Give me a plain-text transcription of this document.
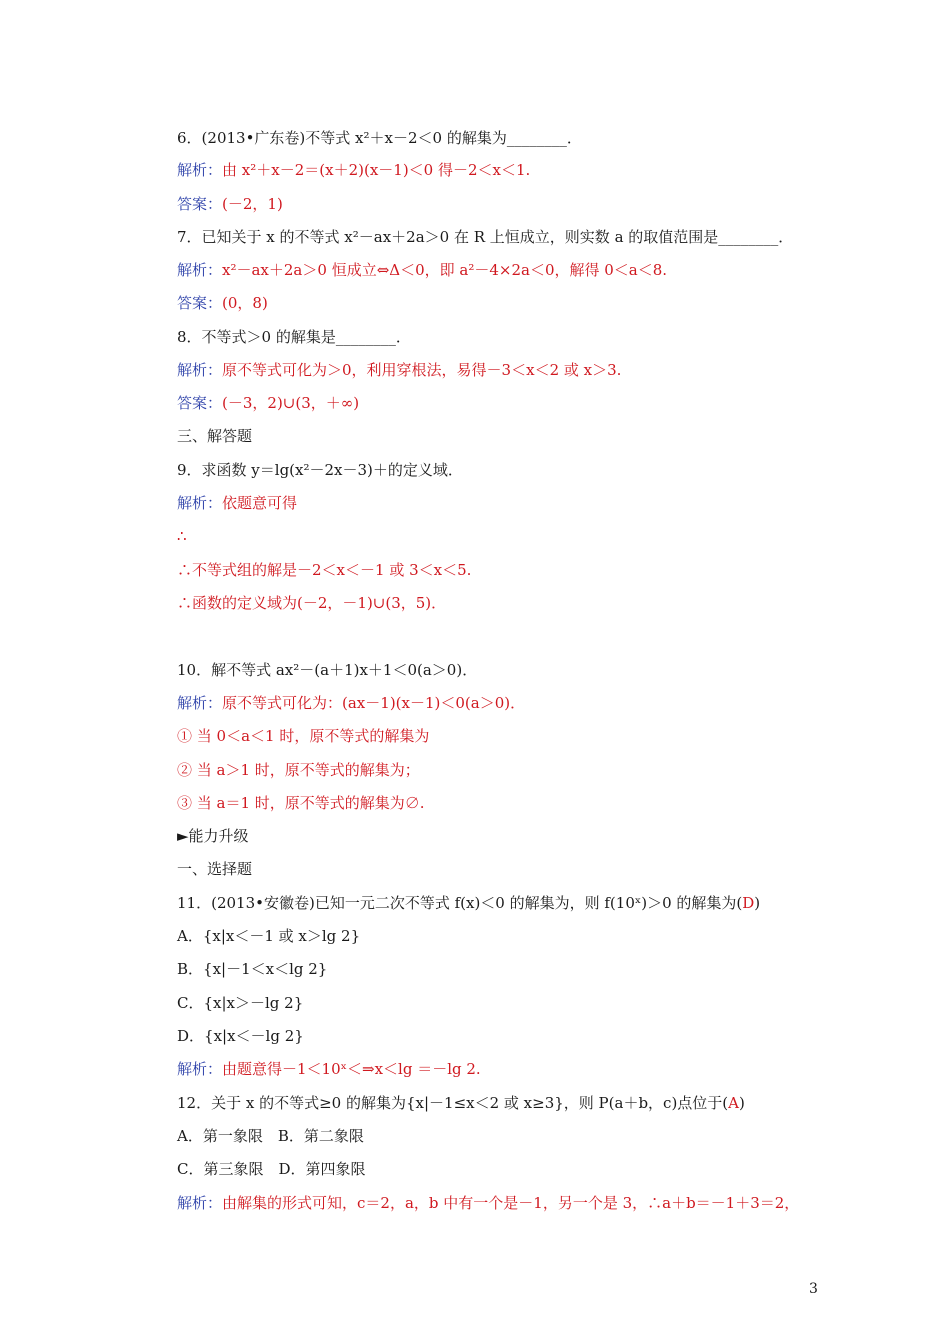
6．(2013•广东卷)不等式 x²＋x－2＜0 的解集为________．
解析：由 x²＋x－2＝(x＋2)(x－1)＜0 得－2＜x＜1.
答案：(－2，1)
7．已知关于 x 的不等式 x²－ax＋2a＞0 在 R 上恒成立，则实数 a 的取值范围是________．
解析：x²－ax＋2a＞0 恒成立⇔Δ＜0，即 a²－4×2a＜0，解得 0＜a＜8.
答案：(0，8)
8．不等式＞0 的解集是________．
解析：原不等式可化为＞0，利用穿根法，易得－3＜x＜2 或 x＞3.
答案：(－3，2)∪(3，＋∞)
三、解答题
9．求函数 y＝lg(x²－2x－3)＋的定义域．
解析：依题意可得
∴
∴不等式组的解是－2＜x＜－1 或 3＜x＜5.
∴函数的定义域为(－2，－1)∪(3，5)．
10．解不等式 ax²－(a＋1)x＋1＜0(a＞0)．
解析：原不等式可化为：(ax－1)(x－1)＜0(a＞0)．
① 当 0＜a＜1 时，原不等式的解集为
② 当 a＞1 时，原不等式的解集为；
③ 当 a＝1 时，原不等式的解集为∅.
►能力升级
一、选择题
11．(2013•安徽卷)已知一元二次不等式 f(x)＜0 的解集为，则 f(10ˣ)＞0 的解集为(D)
A．{x|x＜－1 或 x＞lg 2}
B．{x|－1＜x＜lg 2}
C．{x|x＞－lg 2}
D．{x|x＜－lg 2}
解析：由题意得－1＜10ˣ＜⇒x＜lg ＝－lg 2.
12．关于 x 的不等式≥0 的解集为{x|－1≤x＜2 或 x≥3}，则 P(a＋b，c)点位于(A)
A．第一象限　B．第二象限
C．第三象限　D．第四象限
解析：由解集的形式可知，c＝2，a，b 中有一个是－1，另一个是 3，∴a＋b＝－1＋3＝2，
3
